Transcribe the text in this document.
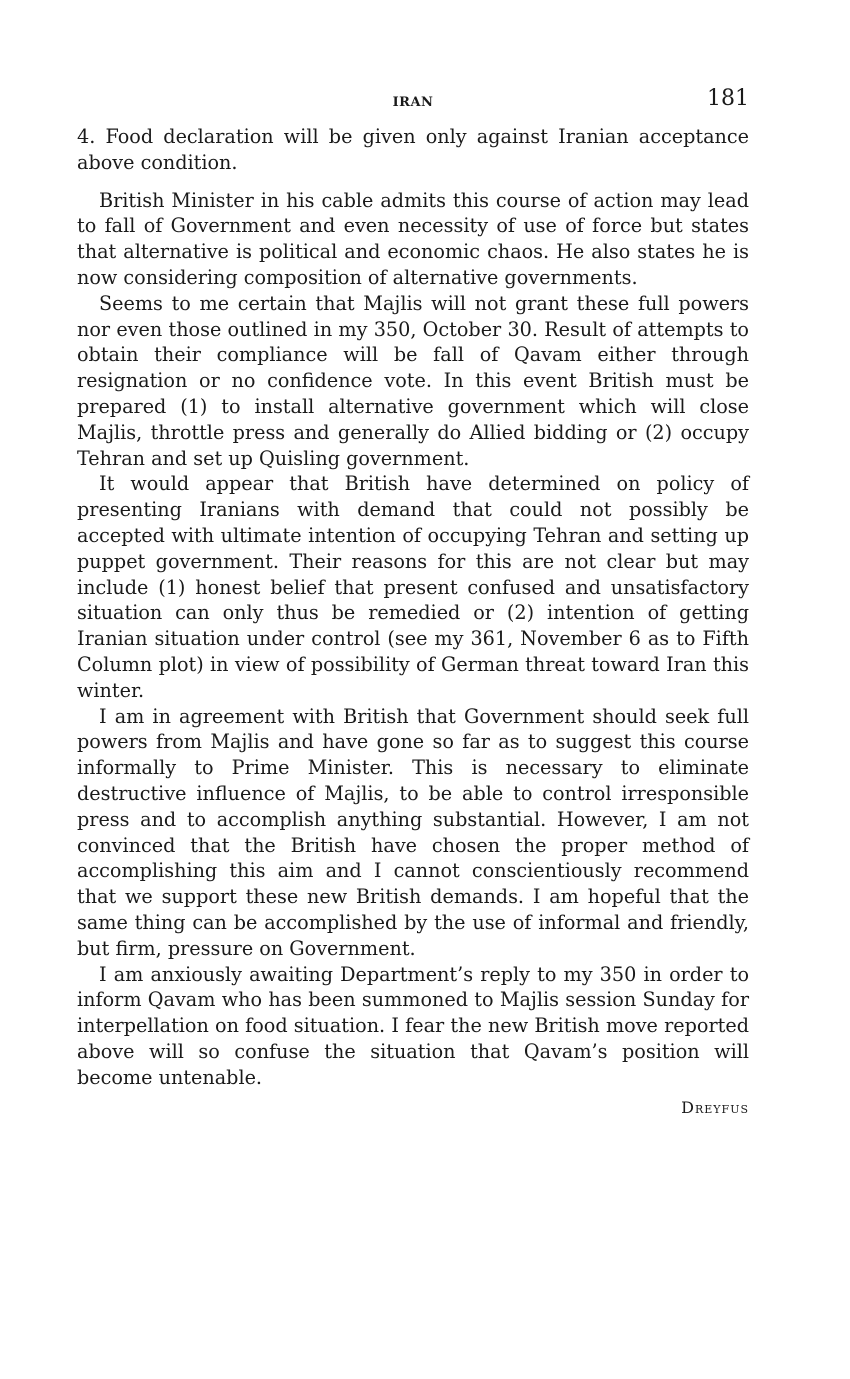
IRAN	181

4. Food declaration will be given only against Iranian acceptance above condition.

British Minister in his cable admits this course of action may lead to fall of Government and even necessity of use of force but states that alternative is political and economic chaos. He also states he is now considering composition of alternative governments.

Seems to me certain that Majlis will not grant these full powers nor even those outlined in my 350, October 30. Result of attempts to obtain their compliance will be fall of Qavam either through resignation or no confidence vote. In this event British must be prepared (1) to install alternative government which will close Majlis, throttle press and generally do Allied bidding or (2) occupy Tehran and set up Quisling government.

It would appear that British have determined on policy of presenting Iranians with demand that could not possibly be accepted with ultimate intention of occupying Tehran and setting up puppet government. Their reasons for this are not clear but may include (1) honest belief that present confused and unsatisfactory situation can only thus be remedied or (2) intention of getting Iranian situation under control (see my 361, November 6 as to Fifth Column plot) in view of possibility of German threat toward Iran this winter.

I am in agreement with British that Government should seek full powers from Majlis and have gone so far as to suggest this course informally to Prime Minister. This is necessary to eliminate destructive influence of Majlis, to be able to control irresponsible press and to accomplish anything substantial. However, I am not convinced that the British have chosen the proper method of accomplishing this aim and I cannot conscientiously recommend that we support these new British demands. I am hopeful that the same thing can be accomplished by the use of informal and friendly, but firm, pressure on Government.

I am anxiously awaiting Department’s reply to my 350 in order to inform Qavam who has been summoned to Majlis session Sunday for interpellation on food situation. I fear the new British move reported above will so confuse the situation that Qavam’s position will become untenable.

Dreyfus
